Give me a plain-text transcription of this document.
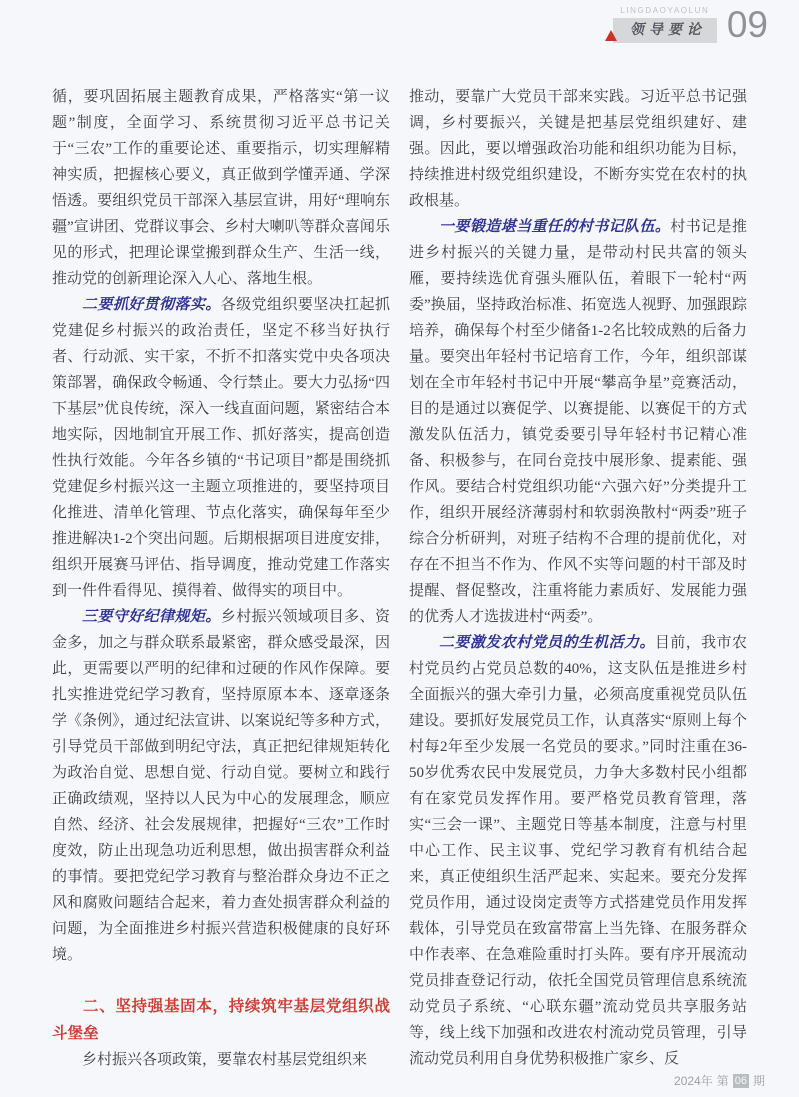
LINGDAOYAOLUN
领导要论 09

循，要巩固拓展主题教育成果，严格落实“第一议题”制度，全面学习、系统贯彻习近平总书记关于“三农”工作的重要论述、重要指示，切实理解精神实质，把握核心要义，真正做到学懂弄通、学深悟透。要组织党员干部深入基层宣讲，用好“理响东疆”宣讲团、党群议事会、乡村大喇叭等群众喜闻乐见的形式，把理论课堂搬到群众生产、生活一线，推动党的创新理论深入人心、落地生根。

二要抓好贯彻落实。各级党组织要坚决扛起抓党建促乡村振兴的政治责任，坚定不移当好执行者、行动派、实干家，不折不扣落实党中央各项决策部署，确保政令畅通、令行禁止。要大力弘扬“四下基层”优良传统，深入一线直面问题，紧密结合本地实际，因地制宜开展工作、抓好落实，提高创造性执行效能。今年各乡镇的“书记项目”都是围绕抓党建促乡村振兴这一主题立项推进的，要坚持项目化推进、清单化管理、节点化落实，确保每年至少推进解决1-2个突出问题。后期根据项目进度安排，组织开展赛马评估、指导调度，推动党建工作落实到一件件看得见、摸得着、做得实的项目中。

三要守好纪律规矩。乡村振兴领域项目多、资金多，加之与群众联系最紧密，群众感受最深，因此，更需要以严明的纪律和过硬的作风作保障。要扎实推进党纪学习教育，坚持原原本本、逐章逐条学《条例》，通过纪法宣讲、以案说纪等多种方式，引导党员干部做到明纪守法，真正把纪律规矩转化为政治自觉、思想自觉、行动自觉。要树立和践行正确政绩观，坚持以人民为中心的发展理念，顺应自然、经济、社会发展规律，把握好“三农”工作时度效，防止出现急功近利思想，做出损害群众利益的事情。要把党纪学习教育与整治群众身边不正之风和腐败问题结合起来，着力查处损害群众利益的问题，为全面推进乡村振兴营造积极健康的良好环境。

二、坚持强基固本，持续筑牢基层党组织战斗堡垒

乡村振兴各项政策，要靠农村基层党组织来

推动，要靠广大党员干部来实践。习近平总书记强调，乡村要振兴，关键是把基层党组织建好、建强。因此，要以增强政治功能和组织功能为目标，持续推进村级党组织建设，不断夯实党在农村的执政根基。

一要锻造堪当重任的村书记队伍。村书记是推进乡村振兴的关键力量，是带动村民共富的领头雁，要持续选优育强头雁队伍，着眼下一轮村“两委”换届，坚持政治标准、拓宽选人视野、加强跟踪培养，确保每个村至少储备1-2名比较成熟的后备力量。要突出年轻村书记培育工作，今年，组织部谋划在全市年轻村书记中开展“攀高争星”竞赛活动，目的是通过以赛促学、以赛提能、以赛促干的方式激发队伍活力，镇党委要引导年轻村书记精心准备、积极参与，在同台竞技中展形象、提素能、强作风。要结合村党组织功能“六强六好”分类提升工作，组织开展经济薄弱村和软弱涣散村“两委”班子综合分析研判，对班子结构不合理的提前优化，对存在不担当不作为、作风不实等问题的村干部及时提醒、督促整改，注重将能力素质好、发展能力强的优秀人才选拔进村“两委”。

二要激发农村党员的生机活力。目前，我市农村党员约占党员总数的40%，这支队伍是推进乡村全面振兴的强大牵引力量，必须高度重视党员队伍建设。要抓好发展党员工作，认真落实“原则上每个村每2年至少发展一名党员的要求。”同时注重在36-50岁优秀农民中发展党员，力争大多数村民小组都有在家党员发挥作用。要严格党员教育管理，落实“三会一课”、主题党日等基本制度，注意与村里中心工作、民主议事、党纪学习教育有机结合起来，真正使组织生活严起来、实起来。要充分发挥党员作用，通过设岗定责等方式搭建党员作用发挥载体，引导党员在致富带富上当先锋、在服务群众中作表率、在急难险重时打头阵。要有序开展流动党员排查登记行动，依托全国党员管理信息系统流动党员子系统、“心联东疆”流动党员共享服务站等，线上线下加强和改进农村流动党员管理，引导流动党员利用自身优势积极推广家乡、反

2024年 第 06 期
